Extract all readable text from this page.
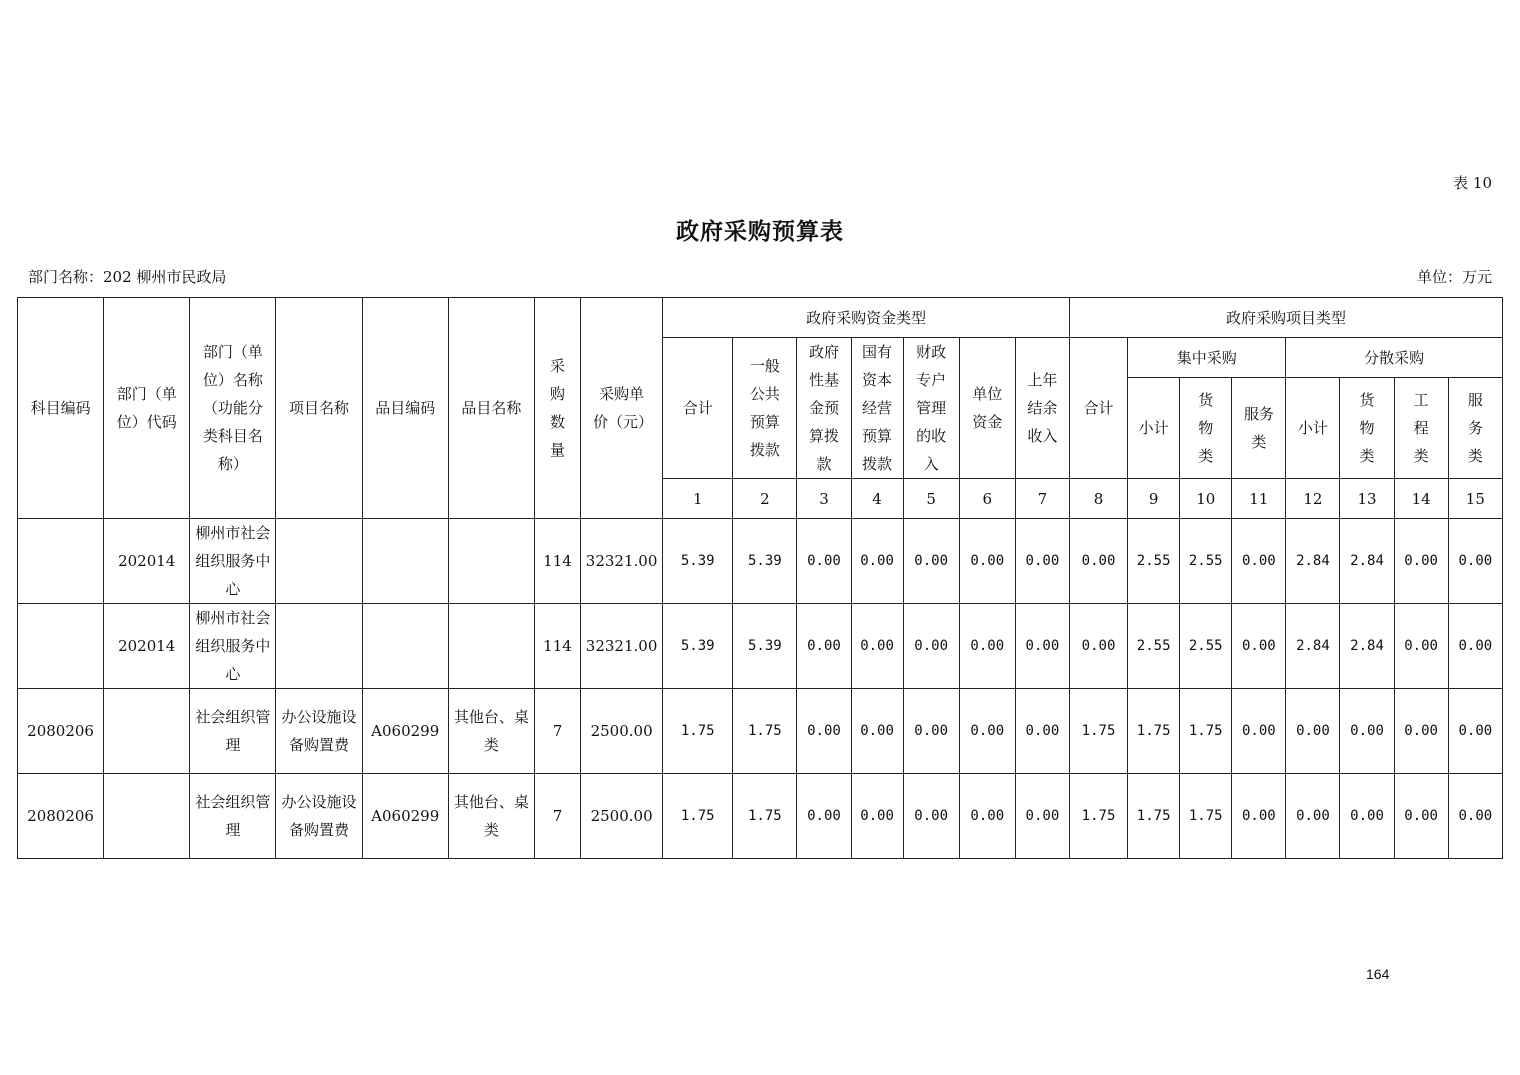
表 10
政府采购预算表
部门名称：202 柳州市民政局	单位：万元
科目编码	部门（单位）代码	部门（单位）名称（功能分类科目名称）	项目名称	品目编码	品目名称	采购数量	采购单价（元）	政府采购资金类型							政府采购项目类型							
								合计	一般公共预算拨款	政府性基金预算拨款	国有资本经营预算拨款	财政专户管理的收入	单位资金	上年结余收入	合计	集中采购			分散采购			
																小计	货物类	服务类	小计	货物类	工程类	服务类
								1	2	3	4	5	6	7	8	9	10	11	12	13	14	15
	202014	柳州市社会组织服务中心				114	32321.00	5.39	5.39	0.00	0.00	0.00	0.00	0.00	0.00	2.55	2.55	0.00	2.84	2.84	0.00	0.00
	202014	柳州市社会组织服务中心				114	32321.00	5.39	5.39	0.00	0.00	0.00	0.00	0.00	0.00	2.55	2.55	0.00	2.84	2.84	0.00	0.00
2080206		社会组织管理	办公设施设备购置费	A060299	其他台、桌类	7	2500.00	1.75	1.75	0.00	0.00	0.00	0.00	0.00	1.75	1.75	1.75	0.00	0.00	0.00	0.00	0.00
2080206		社会组织管理	办公设施设备购置费	A060299	其他台、桌类	7	2500.00	1.75	1.75	0.00	0.00	0.00	0.00	0.00	1.75	1.75	1.75	0.00	0.00	0.00	0.00	0.00
164
